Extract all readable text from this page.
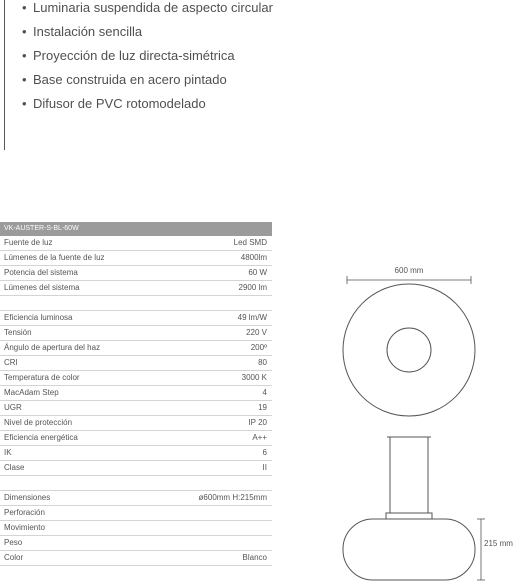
• Luminaria suspendida de aspecto circular
• Instalación sencilla
• Proyección de luz directa-simétrica
• Base construida en acero pintado
• Difusor de PVC rotomodelado
VK-AUSTER-S-BL-60W
Fuente de luz	Led SMD
Lúmenes de la fuente de luz	4800lm
Potencia del sistema	60 W
Lúmenes del sistema	2900 lm
Eficiencia luminosa	49 lm/W
Tensión	220 V
Ángulo de apertura del haz	200º
CRI	80
Temperatura de color	3000 K
MacAdam Step	4
UGR	19
Nivel de protección	IP 20
Eficiencia energética	A++
IK	6
Clase	II
Dimensiones	ø600mm H:215mm
Perforación
Movimiento
Peso
Color	Blanco
600 mm
215 mm
